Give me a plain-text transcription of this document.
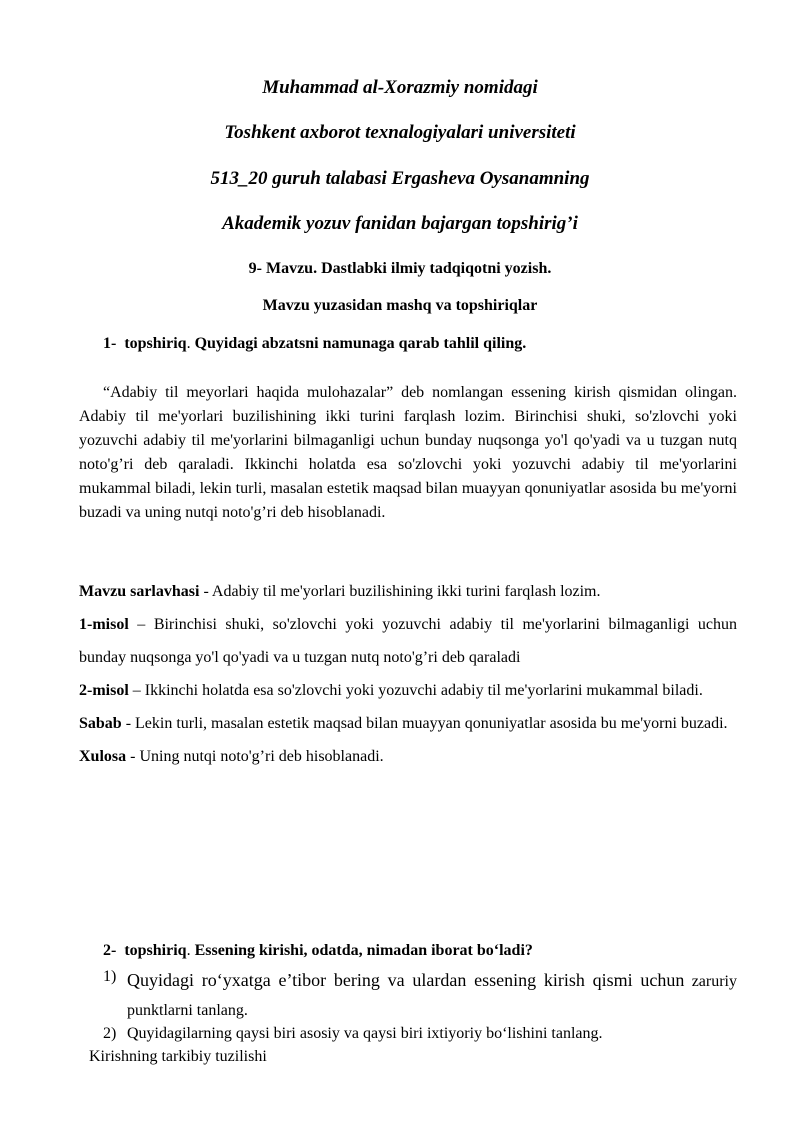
Muhammad al-Xorazmiy nomidagi
Toshkent axborot texnalogiyalari universiteti
513_20 guruh talabasi Ergasheva Oysanamning
Akademik yozuv fanidan bajargan topshirig’i
9- Mavzu. Dastlabki ilmiy tadqiqotni yozish.
Mavzu yuzasidan mashq va topshiriqlar
1- topshiriq. Quyidagi abzatsni namunaga qarab tahlil qiling.
“Adabiy til meyorlari haqida mulohazalar” deb nomlangan essening kirish qismidan olingan. Adabiy til me'yorlari buzilishining ikki turini farqlash lozim. Birinchisi shuki, so'zlovchi yoki yozuvchi adabiy til me'yorlarini bilmaganligi uchun bunday nuqsonga yo'l qo'yadi va u tuzgan nutq noto'g’ri deb qaraladi. Ikkinchi holatda esa so'zlovchi yoki yozuvchi adabiy til me'yorlarini mukammal biladi, lekin turli, masalan estetik maqsad bilan muayyan qonuniyatlar asosida bu me'yorni buzadi va uning nutqi noto'g’ri deb hisoblanadi.
Mavzu sarlavhasi - Adabiy til me'yorlari buzilishining ikki turini farqlash lozim.
1-misol – Birinchisi shuki, so'zlovchi yoki yozuvchi adabiy til me'yorlarini bilmaganligi uchun bunday nuqsonga yo'l qo'yadi va u tuzgan nutq noto'g’ri deb qaraladi
2-misol – Ikkinchi holatda esa so'zlovchi yoki yozuvchi adabiy til me'yorlarini mukammal biladi.
Sabab - Lekin turli, masalan estetik maqsad bilan muayyan qonuniyatlar asosida bu me'yorni buzadi.
Xulosa - Uning nutqi noto'g’ri deb hisoblanadi.
2- topshiriq. Essening kirishi, odatda, nimadan iborat bo‘ladi?
1) Quyidagi ro‘yxatga e’tibor bering va ulardan essening kirish qismi uchun zaruriy punktlarni tanlang.
2) Quyidagilarning qaysi biri asosiy va qaysi biri ixtiyoriy bo‘lishini tanlang.
Kirishning tarkibiy tuzilishi
